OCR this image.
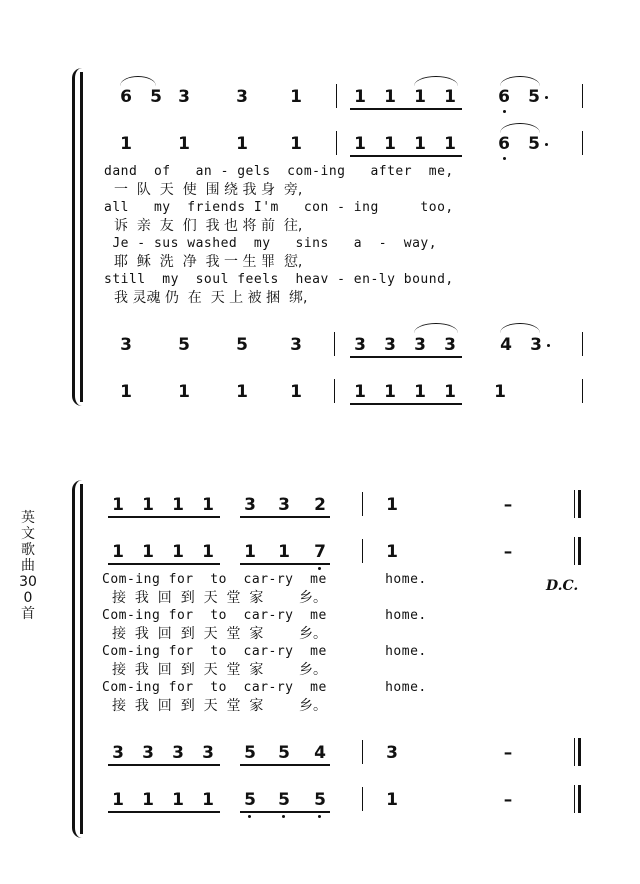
6 5 3	3 1	1 1 1 1 6 5
1	1	1 1	1 1 1 1 6 5
dand  of   an - gels  com-ing   after  me,
一  队  天  使  围 绕 我 身  旁,
all   my  friends I'm   con - ing     too,
诉  亲  友  们  我 也 将 前  往,
Je - sus washed  my   sins   a  -  way,
耶  稣  洗  净  我 一 生 罪  愆,
still  my  soul feels  heav - en-ly bound,
我 灵魂 仍  在  天 上 被 捆  绑,
3	5	5 3	3 3 3 3	4 3
1	1	1 1	1 1 1 1 1
英文歌曲300首
1 1 1 1 3 3 2	1	–
1 1 1 1 1 1 7	1	–
D.C.
Com-ing for  to  car-ry  me       home.
接  我  回  到  天  堂  家        乡。
Com-ing for  to  car-ry  me       home.
接  我  回  到  天  堂  家        乡。
Com-ing for  to  car-ry  me       home.
接  我  回  到  天  堂  家        乡。
Com-ing for  to  car-ry  me       home.
接  我  回  到  天  堂  家        乡。
3 3 3 3 5 5 4	3	–
1 1 1 1 5 5 5	1	–
